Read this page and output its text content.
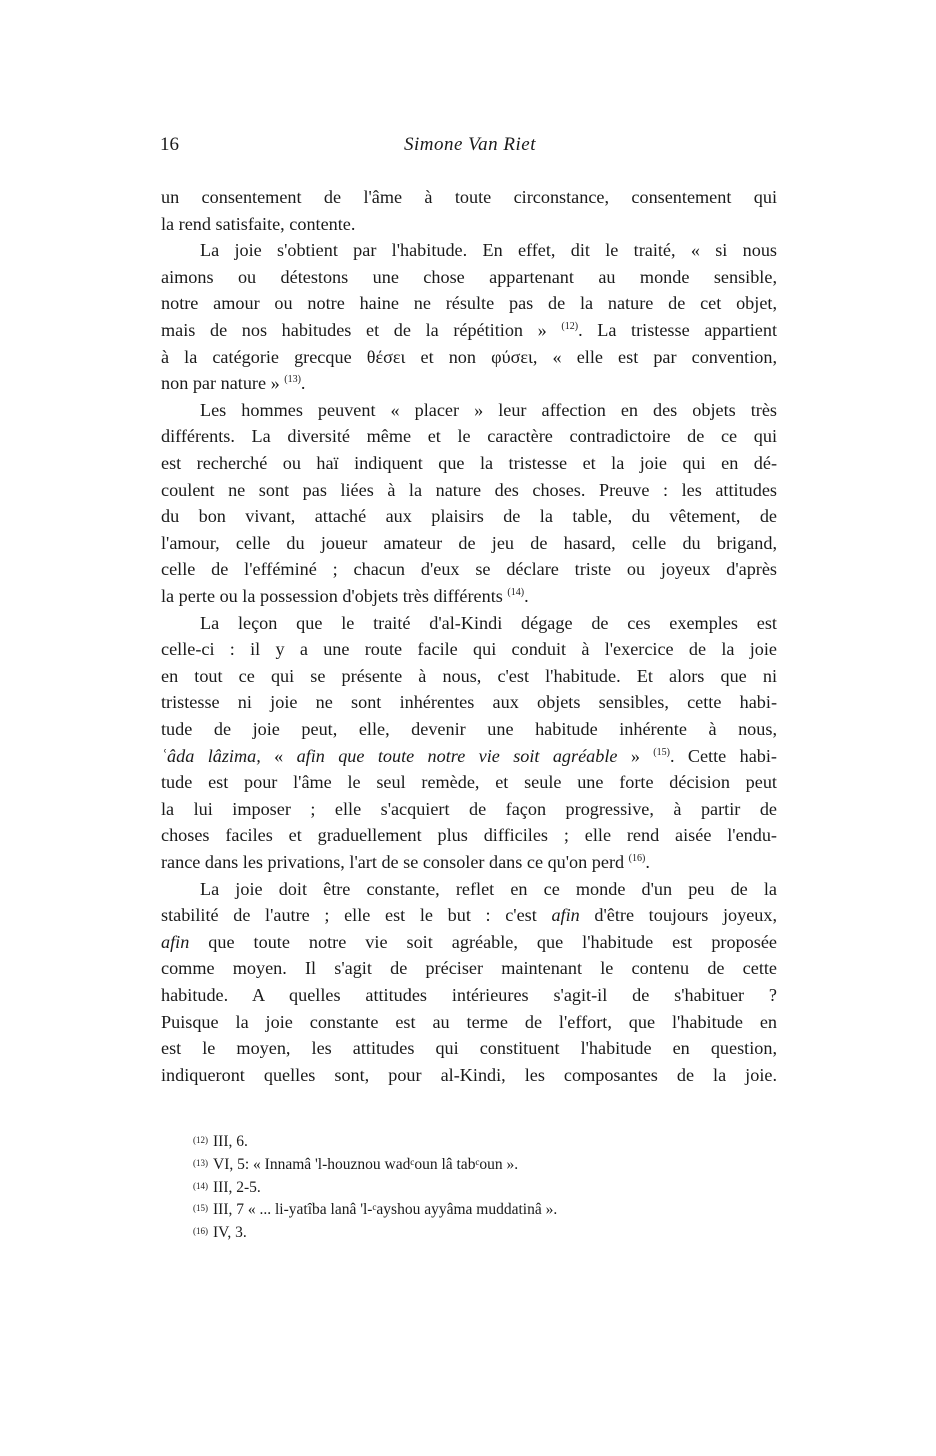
16	Simone Van Riet
un consentement de l'âme à toute circonstance, consentement qui
la rend satisfaite, contente.
La joie s'obtient par l'habitude. En effet, dit le traité, « si nous
aimons ou détestons une chose appartenant au monde sensible,
notre amour ou notre haine ne résulte pas de la nature de cet objet,
mais de nos habitudes et de la répétition » $^{(12)}$. La tristesse appartient
à la catégorie grecque θέσει et non φύσει, « elle est par convention,
non par nature » $^{(13)}$.
Les hommes peuvent « placer » leur affection en des objets très
différents. La diversité même et le caractère contradictoire de ce qui
est recherché ou haï indiquent que la tristesse et la joie qui en dé-
coulent ne sont pas liées à la nature des choses. Preuve : les attitudes
du bon vivant, attaché aux plaisirs de la table, du vêtement, de
l'amour, celle du joueur amateur de jeu de hasard, celle du brigand,
celle de l'efféminé ; chacun d'eux se déclare triste ou joyeux d'après
la perte ou la possession d'objets très différents $^{(14)}$.
La leçon que le traité d'al-Kindi dégage de ces exemples est
celle-ci : il y a une route facile qui conduit à l'exercice de la joie
en tout ce qui se présente à nous, c'est l'habitude. Et alors que ni
tristesse ni joie ne sont inhérentes aux objets sensibles, cette habi-
tude de joie peut, elle, devenir une habitude inhérente à nous,
ʿâda lâzima, « afin que toute notre vie soit agréable » $^{(15)}$. Cette habi-
tude est pour l'âme le seul remède, et seule une forte décision peut
la lui imposer ; elle s'acquiert de façon progressive, à partir de
choses faciles et graduellement plus difficiles ; elle rend aisée l'endu-
rance dans les privations, l'art de se consoler dans ce qu'on perd $^{(16)}$.
La joie doit être constante, reflet en ce monde d'un peu de la
stabilité de l'autre ; elle est le but : c'est afin d'être toujours joyeux,
afin que toute notre vie soit agréable, que l'habitude est proposée
comme moyen. Il s'agit de préciser maintenant le contenu de cette
habitude. A quelles attitudes intérieures s'agit-il de s'habituer ?
Puisque la joie constante est au terme de l'effort, que l'habitude en
est le moyen, les attitudes qui constituent l'habitude en question,
indiqueront quelles sont, pour al-Kindi, les composantes de la joie.
$^{(12)}$ III, 6.
$^{(13)}$ VI, 5: « Innamâ 'l-houznou wadᶜoun lâ tabᶜoun ».
$^{(14)}$ III, 2-5.
$^{(15)}$ III, 7 « ... li-yatîba lanâ 'l-ᶜayshou ayyâma muddatinâ ».
$^{(16)}$ IV, 3.
